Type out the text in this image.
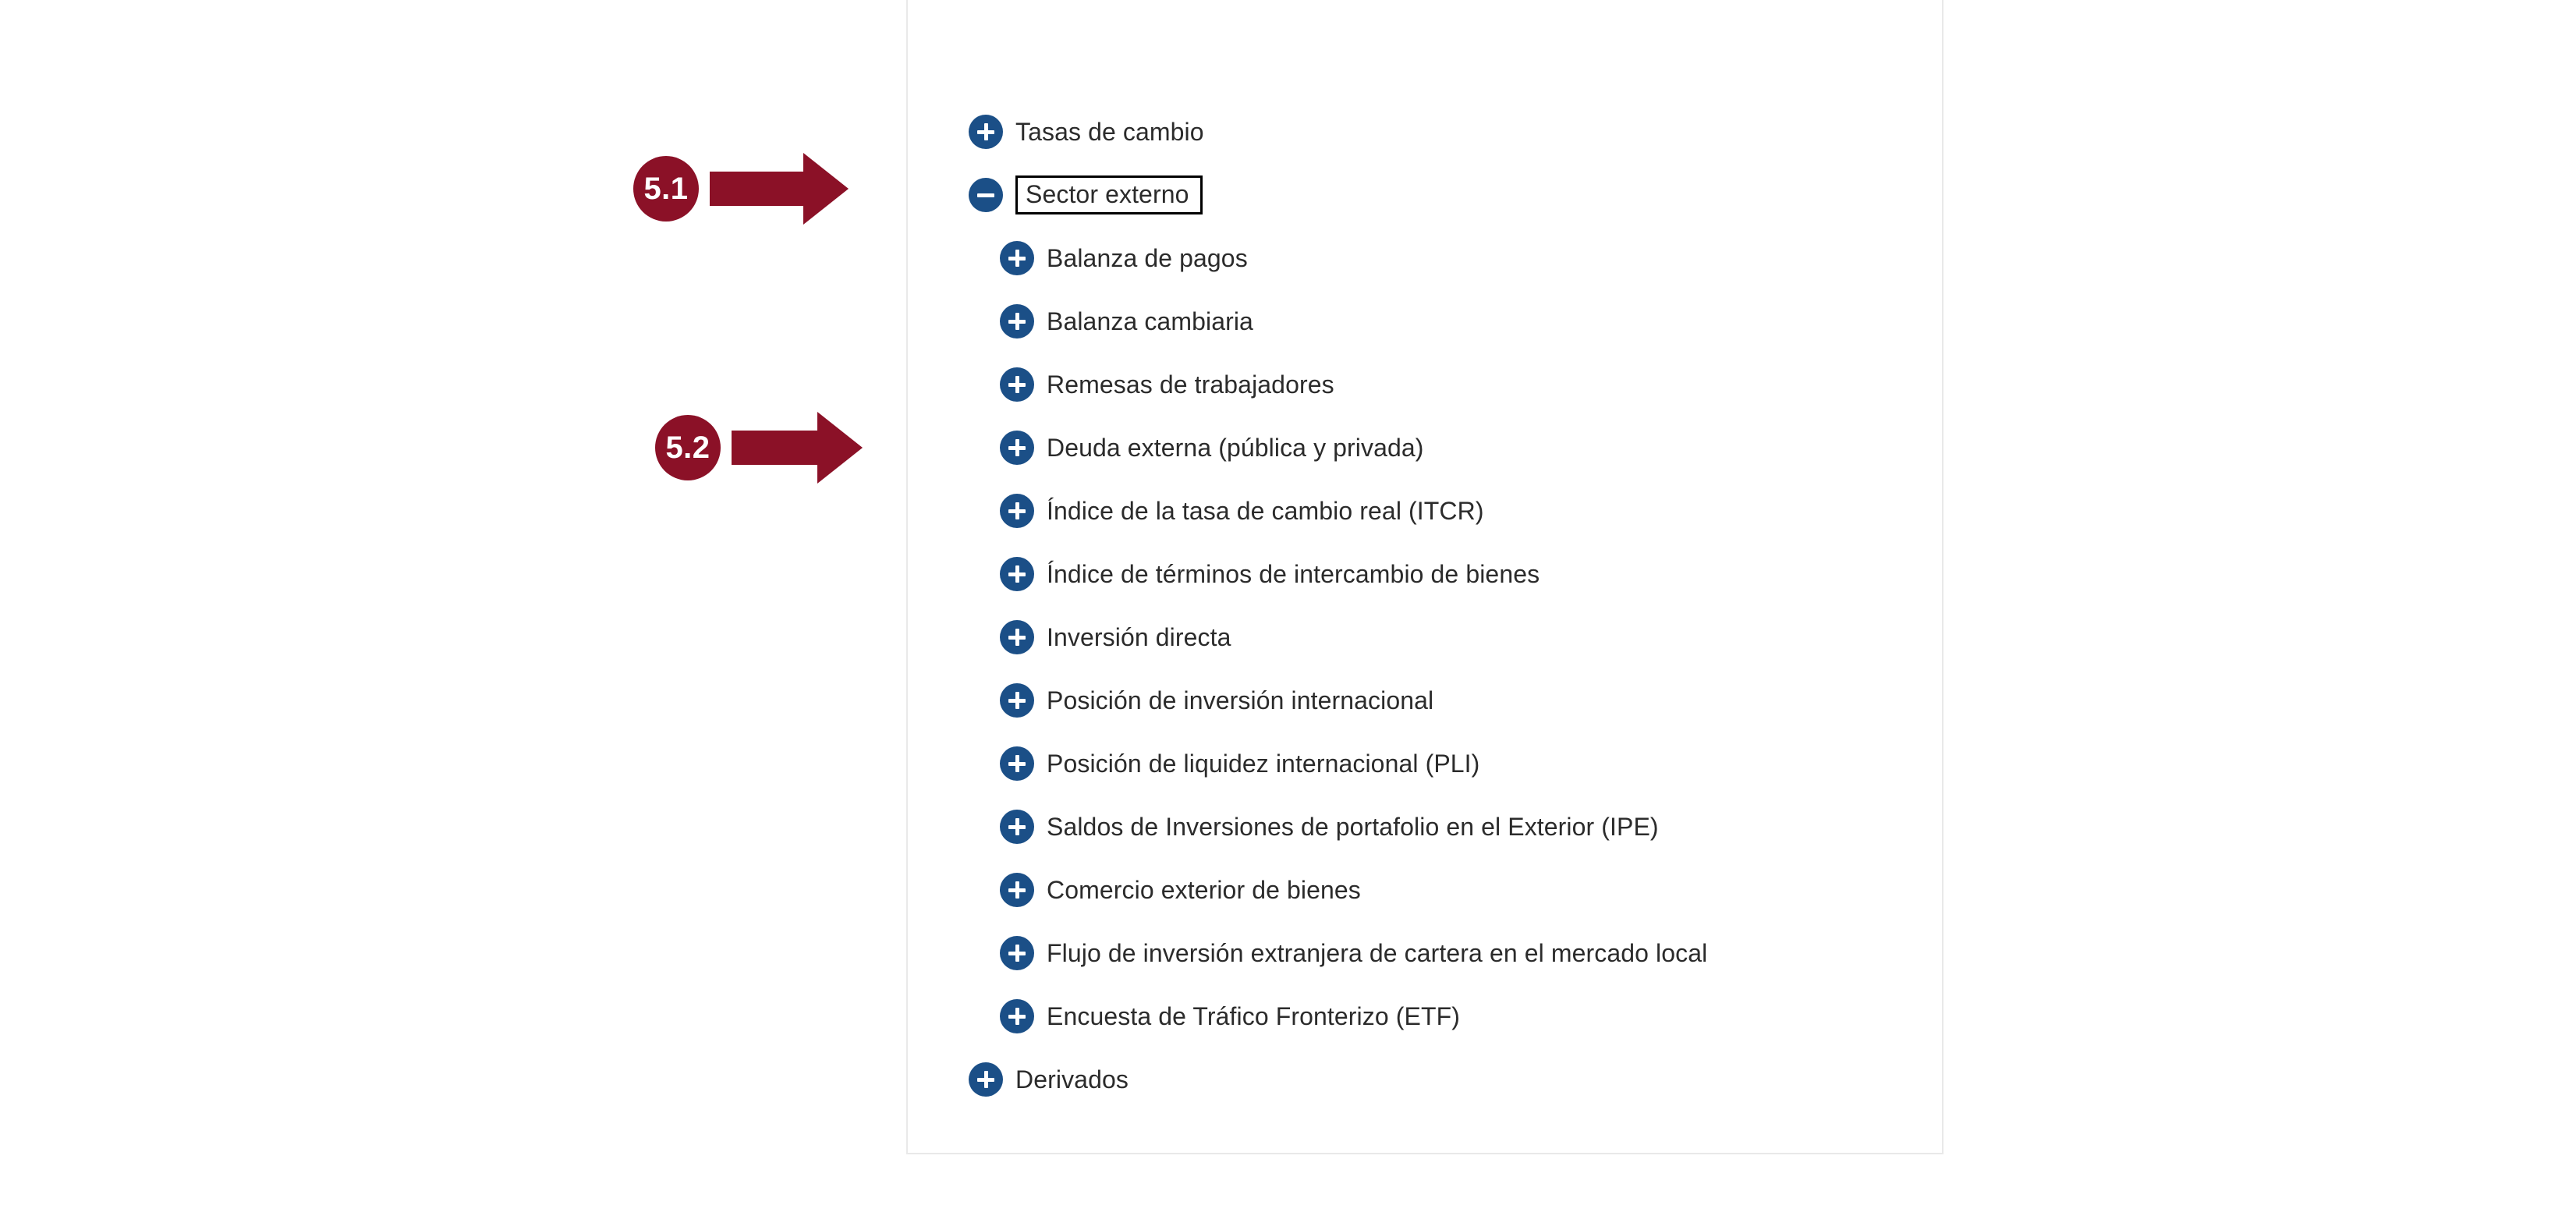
Tasas de cambio
Sector externo
Balanza de pagos
Balanza cambiaria
Remesas de trabajadores
Deuda externa (pública y privada)
Índice de la tasa de cambio real (ITCR)
Índice de términos de intercambio de bienes
Inversión directa
Posición de inversión internacional
Posición de liquidez internacional (PLI)
Saldos de Inversiones de portafolio en el Exterior (IPE)
Comercio exterior de bienes
Flujo de inversión extranjera de cartera en el mercado local
Encuesta de Tráfico Fronterizo (ETF)
Derivados
5.1
5.2
